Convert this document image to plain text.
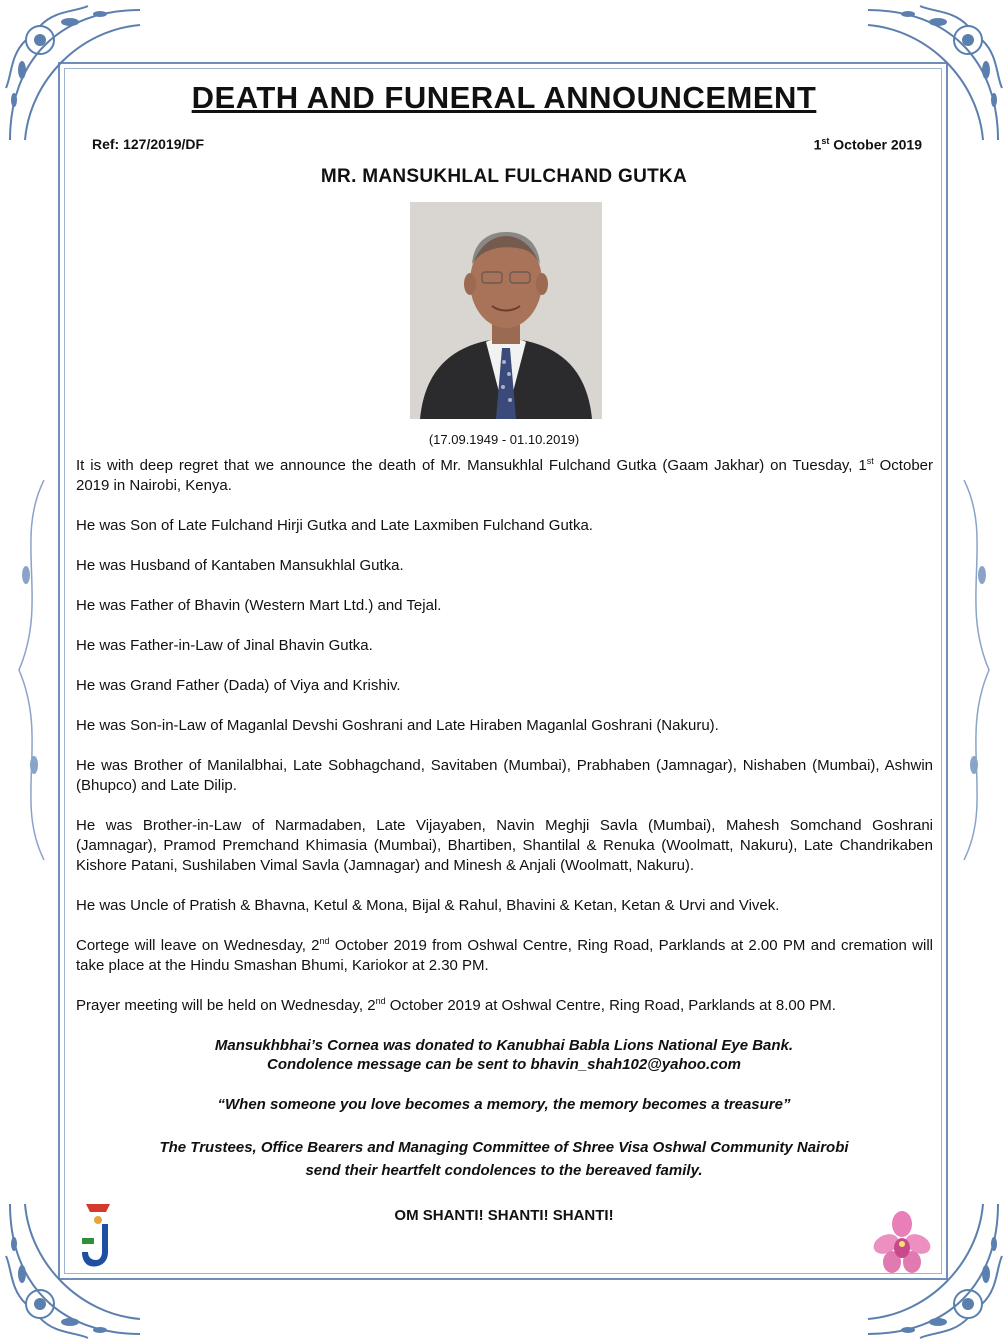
DEATH AND FUNERAL ANNOUNCEMENT
Ref: 127/2019/DF	1st October 2019
MR. MANSUKHLAL FULCHAND GUTKA
(17.09.1949 - 01.10.2019)

It is with deep regret that we announce the death of Mr. Mansukhlal Fulchand Gutka (Gaam Jakhar) on Tuesday, 1st October 2019 in Nairobi, Kenya.

He was Son of Late Fulchand Hirji Gutka and Late Laxmiben Fulchand Gutka.

He was Husband of Kantaben Mansukhlal Gutka.

He was Father of Bhavin (Western Mart Ltd.) and Tejal.

He was Father-in-Law of Jinal Bhavin Gutka.

He was Grand Father (Dada) of Viya and Krishiv.

He was Son-in-Law of Maganlal Devshi Goshrani and Late Hiraben Maganlal Goshrani (Nakuru).

He was Brother of Manilalbhai, Late Sobhagchand, Savitaben (Mumbai), Prabhaben (Jamnagar), Nishaben (Mumbai), Ashwin (Bhupco) and Late Dilip.

He was Brother-in-Law of Narmadaben, Late Vijayaben, Navin Meghji Savla (Mumbai), Mahesh Somchand Goshrani (Jamnagar), Pramod Premchand Khimasia (Mumbai), Bhartiben, Shantilal & Renuka (Woolmatt, Nakuru), Late Chandrikaben Kishore Patani, Sushilaben Vimal Savla (Jamnagar) and Minesh & Anjali (Woolmatt, Nakuru).

He was Uncle of Pratish & Bhavna, Ketul & Mona, Bijal & Rahul, Bhavini & Ketan, Ketan & Urvi and Vivek.

Cortege will leave on Wednesday, 2nd October 2019 from Oshwal Centre, Ring Road, Parklands at 2.00 PM and cremation will take place at the Hindu Smashan Bhumi, Kariokor at 2.30 PM.

Prayer meeting will be held on Wednesday, 2nd October 2019 at Oshwal Centre, Ring Road, Parklands at 8.00 PM.

Mansukhbhai’s Cornea was donated to Kanubhai Babla Lions National Eye Bank.
Condolence message can be sent to bhavin_shah102@yahoo.com
“When someone you love becomes a memory, the memory becomes a treasure”
The Trustees, Office Bearers and Managing Committee of Shree Visa Oshwal Community Nairobi
send their heartfelt condolences to the bereaved family.
OM SHANTI! SHANTI! SHANTI!
